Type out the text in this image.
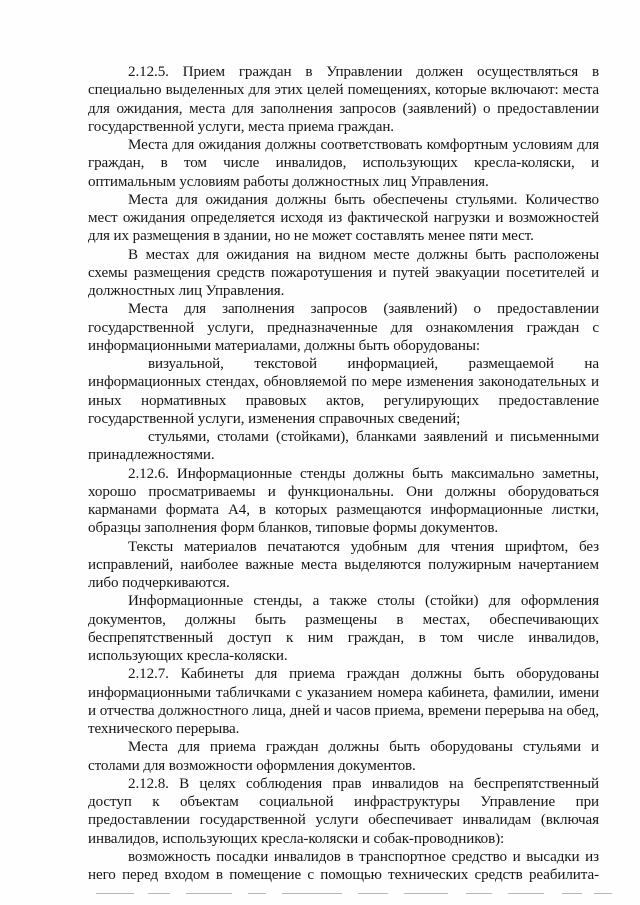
2.12.5. Прием граждан в Управлении должен осуществляться в специально выделенных для этих целей помещениях, которые включают: места для ожидания, места для заполнения запросов (заявлений) о предоставлении государственной услуги, места приема граждан.

Места для ожидания должны соответствовать комфортным условиям для граждан, в том числе инвалидов, использующих кресла-коляски, и оптимальным условиям работы должностных лиц Управления.

Места для ожидания должны быть обеспечены стульями. Количество мест ожидания определяется исходя из фактической нагрузки и возможностей для их размещения в здании, но не может составлять менее пяти мест.

В местах для ожидания на видном месте должны быть расположены схемы размещения средств пожаротушения и путей эвакуации посетителей и должностных лиц Управления.

Места для заполнения запросов (заявлений) о предоставлении государственной услуги, предназначенные для ознакомления граждан с информационными материалами, должны быть оборудованы:

визуальной, текстовой информацией, размещаемой на информационных стендах, обновляемой по мере изменения законодательных и иных нормативных правовых актов, регулирующих предоставление государственной услуги, изменения справочных сведений;

стульями, столами (стойками), бланками заявлений и письменными принадлежностями.

2.12.6. Информационные стенды должны быть максимально заметны, хорошо просматриваемы и функциональны. Они должны оборудоваться карманами формата А4, в которых размещаются информационные листки, образцы заполнения форм бланков, типовые формы документов.

Тексты материалов печатаются удобным для чтения шрифтом, без исправлений, наиболее важные места выделяются полужирным начертанием либо подчеркиваются.

Информационные стенды, а также столы (стойки) для оформления документов, должны быть размещены в местах, обеспечивающих беспрепятственный доступ к ним граждан, в том числе инвалидов, использующих кресла-коляски.

2.12.7. Кабинеты для приема граждан должны быть оборудованы информационными табличками с указанием номера кабинета, фамилии, имени и отчества должностного лица, дней и часов приема, времени перерыва на обед, технического перерыва.

Места для приема граждан должны быть оборудованы стульями и столами для возможности оформления документов.

2.12.8. В целях соблюдения прав инвалидов на беспрепятственный доступ к объектам социальной инфраструктуры Управление при предоставлении государственной услуги обеспечивает инвалидам (включая инвалидов, использующих кресла-коляски и собак-проводников):

возможность посадки инвалидов в транспортное средство и высадки из него перед входом в помещение с помощью технических средств реабилита-
